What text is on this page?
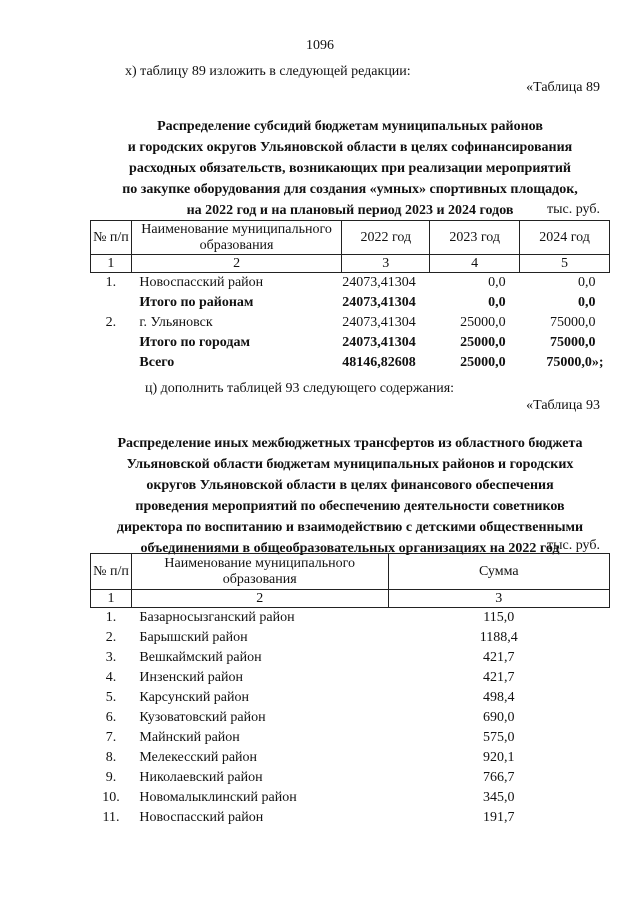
1096
х) таблицу 89 изложить в следующей редакции:
«Таблица 89
Распределение субсидий бюджетам муниципальных районов
и городских округов Ульяновской области в целях софинансирования
расходных обязательств, возникающих при реализации мероприятий
по закупке оборудования для создания «умных» спортивных площадок,
на 2022 год и на плановый период 2023 и 2024 годов	тыс. руб.
№ п/п	Наименование муниципального образования	2022 год	2023 год	2024 год
1	2	3	4	5
1.	Новоспасский район	24073,41304	0,0	0,0
	Итого по районам	24073,41304	0,0	0,0
2.	г. Ульяновск	24073,41304	25000,0	75000,0
	Итого по городам	24073,41304	25000,0	75000,0
	Всего	48146,82608	25000,0	75000,0»;
ц) дополнить таблицей 93 следующего содержания:
«Таблица 93
Распределение иных межбюджетных трансфертов из областного бюджета
Ульяновской области бюджетам муниципальных районов и городских
округов Ульяновской области в целях финансового обеспечения
проведения мероприятий по обеспечению деятельности советников
директора по воспитанию и взаимодействию с детскими общественными
объединениями в общеобразовательных организациях на 2022 год
тыс. руб.
№ п/п	Наименование муниципального образования	Сумма
1	2	3
1.	Базарносызганский район	115,0
2.	Барышский район	1188,4
3.	Вешкаймский район	421,7
4.	Инзенский район	421,7
5.	Карсунский район	498,4
6.	Кузоватовский район	690,0
7.	Майнский район	575,0
8.	Мелекесский район	920,1
9.	Николаевский район	766,7
10.	Новомалыклинский район	345,0
11.	Новоспасский район	191,7
